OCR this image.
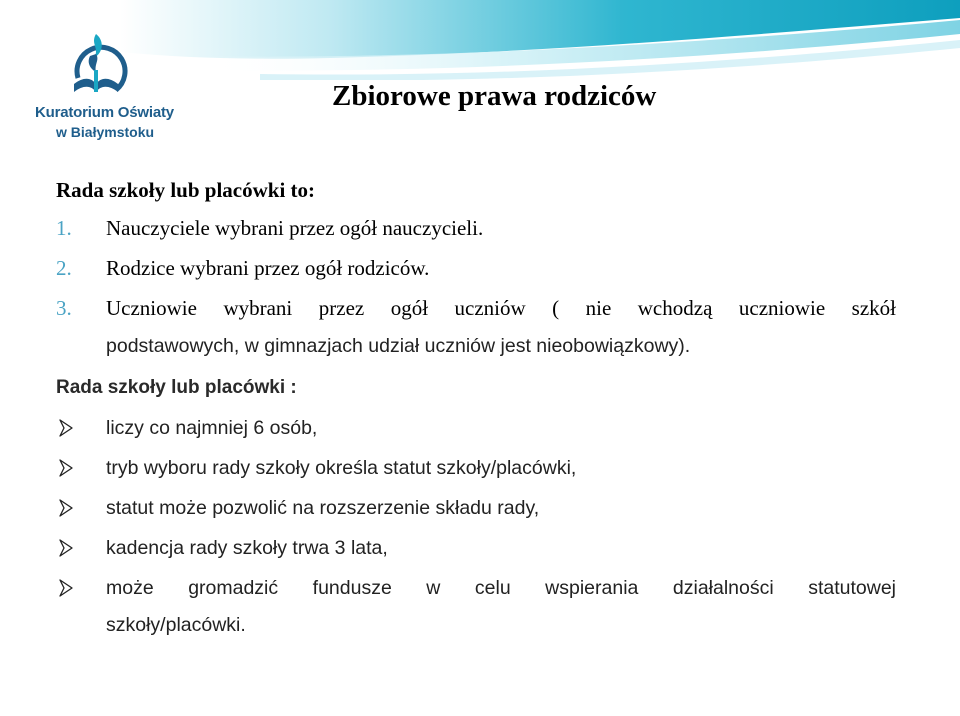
Kuratorium Oświaty
w Białymstoku
Zbiorowe prawa rodziców

Rada szkoły lub placówki to:

1. Nauczyciele wybrani przez ogół nauczycieli.

2. Rodzice wybrani przez ogół rodziców.

3. Uczniowie wybrani przez ogół uczniów ( nie wchodzą uczniowie szkół
podstawowych, w gimnazjach udział uczniów jest nieobowiązkowy).

Rada szkoły lub placówki :

liczy co najmniej 6 osób,

tryb wyboru rady szkoły określa statut szkoły/placówki,

statut może pozwolić na rozszerzenie składu rady,

kadencja rady szkoły trwa 3 lata,

może gromadzić fundusze w celu wspierania działalności statutowej
szkoły/placówki.
